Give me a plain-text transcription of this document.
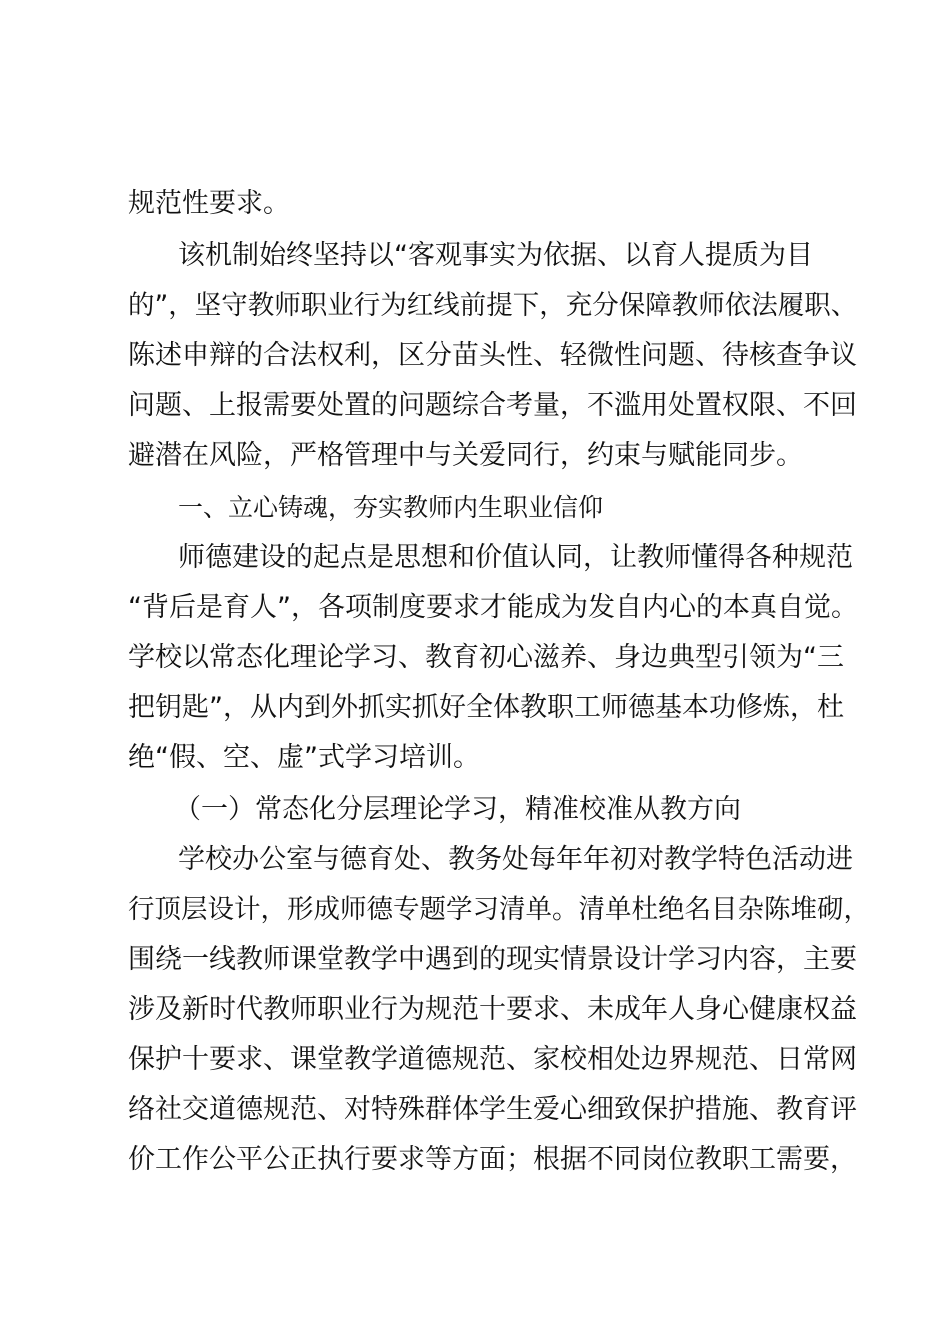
规范性要求。
该机制始终坚持以“客观事实为依据、以育人提质为目
的”，坚守教师职业行为红线前提下，充分保障教师依法履职、
陈述申辩的合法权利，区分苗头性、轻微性问题、待核查争议
问题、上报需要处置的问题综合考量，不滥用处置权限、不回
避潜在风险，严格管理中与关爱同行，约束与赋能同步。
一、立心铸魂，夯实教师内生职业信仰
师德建设的起点是思想和价值认同，让教师懂得各种规范
“背后是育人”，各项制度要求才能成为发自内心的本真自觉。
学校以常态化理论学习、教育初心滋养、身边典型引领为“三
把钥匙”，从内到外抓实抓好全体教职工师德基本功修炼，杜
绝“假、空、虚”式学习培训。
（一）常态化分层理论学习，精准校准从教方向
学校办公室与德育处、教务处每年年初对教学特色活动进
行顶层设计，形成师德专题学习清单。清单杜绝名目杂陈堆砌，
围绕一线教师课堂教学中遇到的现实情景设计学习内容，主要
涉及新时代教师职业行为规范十要求、未成年人身心健康权益
保护十要求、课堂教学道德规范、家校相处边界规范、日常网
络社交道德规范、对特殊群体学生爱心细致保护措施、教育评
价工作公平公正执行要求等方面；根据不同岗位教职工需要，
